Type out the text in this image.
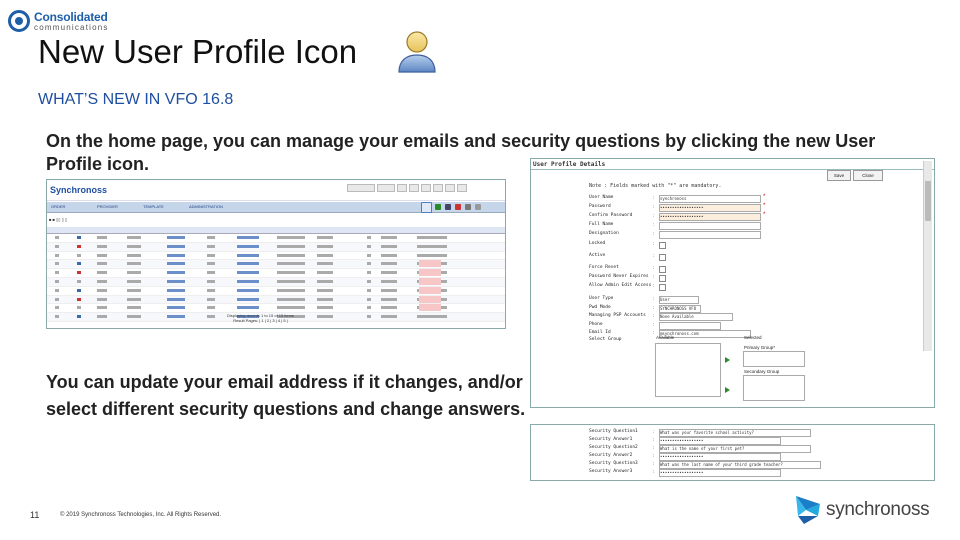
Consolidated
communications
New User Profile Icon
WHAT’S NEW IN VFO 16.8
On the home page, you can manage your emails and security questions by clicking the new User Profile icon.
You can update your email address if it changes, and/or select different security questions and change answers.
Synchronoss
ORDER	PROVIDER	TEMPLATE	ADMINISTRATION
■ ■ ▯▯ ▯ ▯
Displaying records 1 to 15 of 15 items
Result Pages: | 1 | 2 | 3 | 4 | 5 |
User Profile Details
Save	Close
Note : Fields marked with "*" are mandatory.
User Name	: synchronoss	*
Password	: ••••••••••••••••••	*
Confirm Password	: ••••••••••••••••••	*
Full Name	:
Designation	:
Locked	:
Active	:
Force Reset	:
Password Never Expires :
Allow Admin Edit Access :
User Type	: User
Pwd Mode	: SYNCHRONOSS VFO
Managing PSP Accounts : None Available
Phone	:
Email Id	: @synchronoss.com
Select Group	Available	Selected
Primary Group*
Secondary Group
Security Question1	: What was your favorite school activity?
Security Answer1	: ••••••••••••••••••
Security Question2	: What is the name of your first pet?
Security Answer2	: ••••••••••••••••••
Security Question3	: What was the last name of your third grade teacher?
Security Answer3	: ••••••••••••••••••
11	© 2019 Synchronoss Technologies, Inc. All Rights Reserved.	synchronoss
